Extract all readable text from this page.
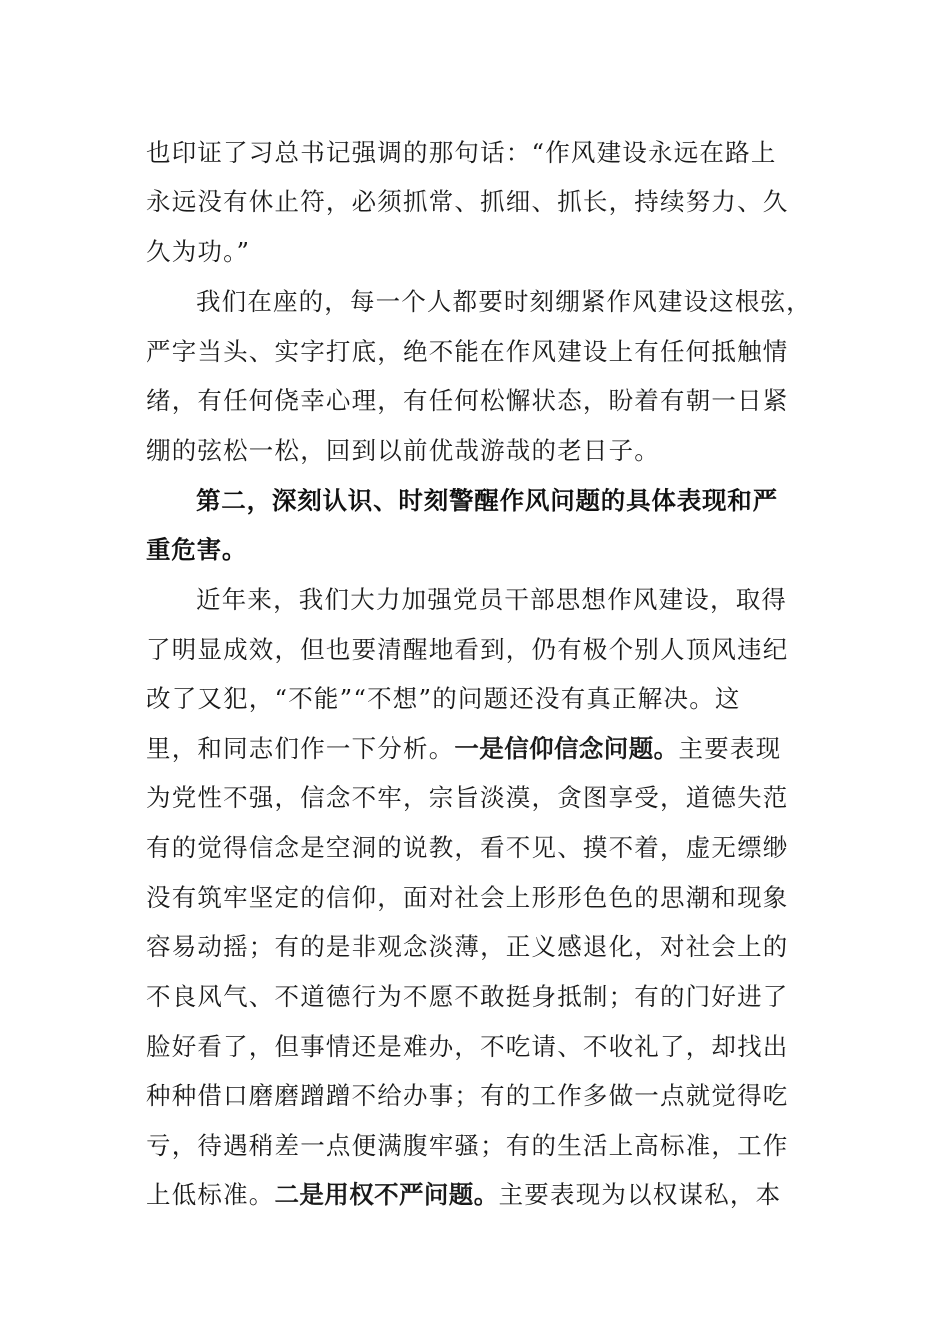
也印证了习总书记强调的那句话：“作风建设永远在路上
永远没有休止符，必须抓常、抓细、抓长，持续努力、久
久为功。”
我们在座的，每一个人都要时刻绷紧作风建设这根弦，
严字当头、实字打底，绝不能在作风建设上有任何抵触情
绪，有任何侥幸心理，有任何松懈状态，盼着有朝一日紧
绷的弦松一松，回到以前优哉游哉的老日子。
第二，深刻认识、时刻警醒作风问题的具体表现和严
重危害。
近年来，我们大力加强党员干部思想作风建设，取得
了明显成效，但也要清醒地看到，仍有极个别人顶风违纪
改了又犯，“不能”“不想”的问题还没有真正解决。这
里，和同志们作一下分析。一是信仰信念问题。主要表现
为党性不强，信念不牢，宗旨淡漠，贪图享受，道德失范
有的觉得信念是空洞的说教，看不见、摸不着，虚无缥缈
没有筑牢坚定的信仰，面对社会上形形色色的思潮和现象
容易动摇；有的是非观念淡薄，正义感退化，对社会上的
不良风气、不道德行为不愿不敢挺身抵制；有的门好进了
脸好看了，但事情还是难办，不吃请、不收礼了，却找出
种种借口磨磨蹭蹭不给办事；有的工作多做一点就觉得吃
亏，待遇稍差一点便满腹牢骚；有的生活上高标准，工作
上低标准。二是用权不严问题。主要表现为以权谋私，本
